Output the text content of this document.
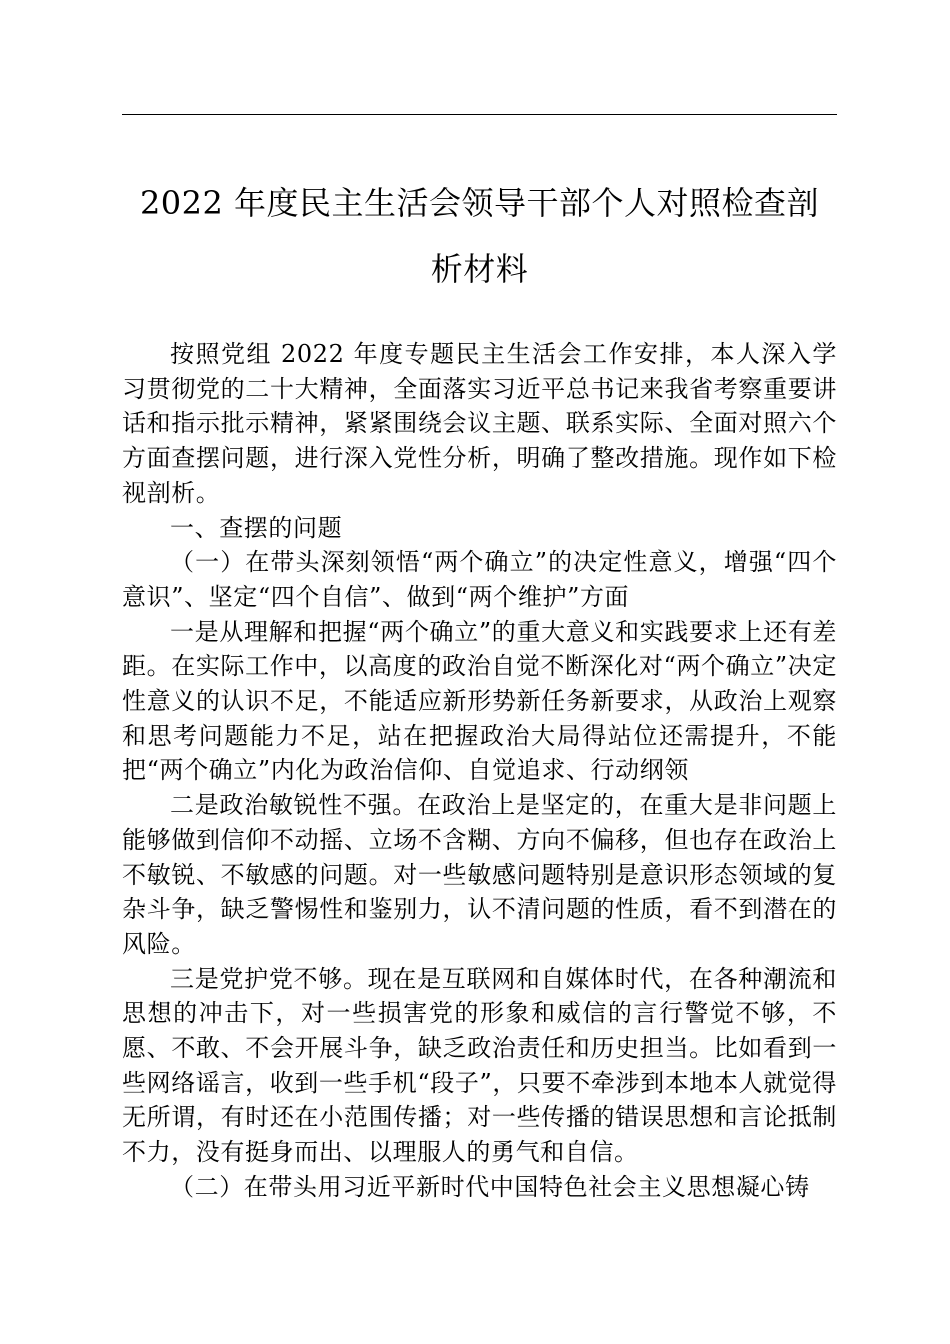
2022 年度民主生活会领导干部个人对照检查剖
析材料

按照党组 2022 年度专题民主生活会工作安排，本人深入学习贯彻党的二十大精神，全面落实习近平总书记来我省考察重要讲话和指示批示精神，紧紧围绕会议主题、联系实际、全面对照六个方面查摆问题，进行深入党性分析，明确了整改措施。现作如下检视剖析。

一、查摆的问题

（一）在带头深刻领悟“两个确立”的决定性意义，增强“四个意识”、坚定“四个自信”、做到“两个维护”方面

一是从理解和把握“两个确立”的重大意义和实践要求上还有差距。在实际工作中，以高度的政治自觉不断深化对“两个确立”决定性意义的认识不足，不能适应新形势新任务新要求，从政治上观察和思考问题能力不足，站在把握政治大局得站位还需提升，不能把“两个确立”内化为政治信仰、自觉追求、行动纲领

二是政治敏锐性不强。在政治上是坚定的，在重大是非问题上能够做到信仰不动摇、立场不含糊、方向不偏移，但也存在政治上不敏锐、不敏感的问题。对一些敏感问题特别是意识形态领域的复杂斗争，缺乏警惕性和鉴别力，认不清问题的性质，看不到潜在的风险。

三是党护党不够。现在是互联网和自媒体时代，在各种潮流和思想的冲击下，对一些损害党的形象和威信的言行警觉不够，不愿、不敢、不会开展斗争，缺乏政治责任和历史担当。比如看到一些网络谣言，收到一些手机“段子”，只要不牵涉到本地本人就觉得无所谓，有时还在小范围传播；对一些传播的错误思想和言论抵制不力，没有挺身而出、以理服人的勇气和自信。

（二）在带头用习近平新时代中国特色社会主义思想凝心铸
